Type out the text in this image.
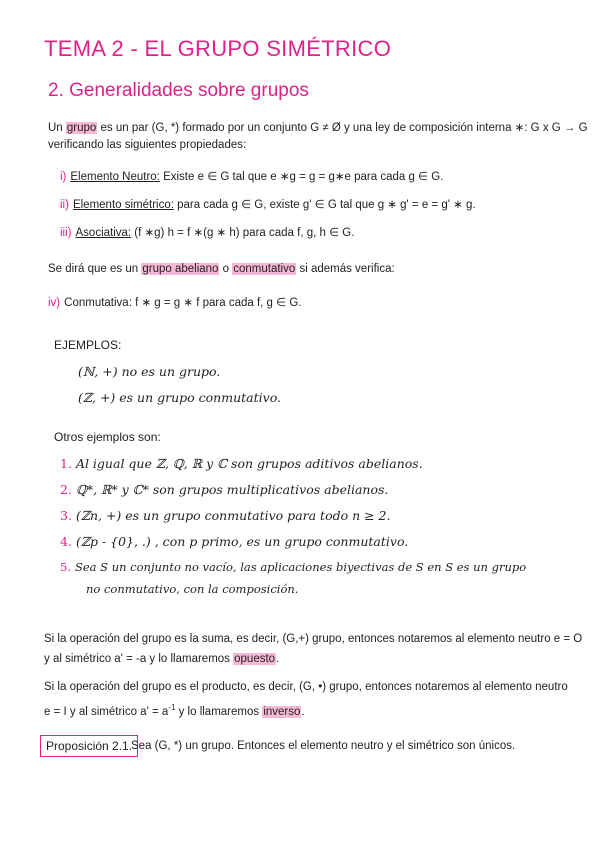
TEMA 2 - EL GRUPO SIMÉTRICO
2. Generalidades sobre grupos
Un grupo es un par (G, *) formado por un conjunto G ≠ Ø y una ley de composición interna ∗: G x G → G
verificando las siguientes propiedades:
i) Elemento Neutro: Existe e ∈ G tal que e ∗g = g = g∗e para cada g ∈ G.
ii) Elemento simétrico: para cada g ∈ G, existe g' ∈ G tal que g ∗ g' = e = g' ∗ g.
iii) Asociativa: (f ∗g) h = f ∗(g ∗ h) para cada f, g, h ∈ G.
Se dirá que es un grupo abeliano o conmutativo si además verifica:
iv) Conmutativa: f ∗ g = g ∗ f para cada f, g ∈ G.
EJEMPLOS:
(ℕ, +) no es un grupo.
(ℤ, +) es un grupo conmutativo.
Otros ejemplos son:
1. Al igual que ℤ, ℚ, ℝ y ℂ son grupos aditivos abelianos.
2. ℚ*, ℝ* y ℂ* son grupos multiplicativos abelianos.
3. (ℤn, +) es un grupo conmutativo para todo n ≥ 2.
4. (ℤp - {0}, .) , con p primo, es un grupo conmutativo.
5. Sea S un conjunto no vacío, las aplicaciones biyectivas de S en S es un grupo
no conmutativo, con la composición.
Si la operación del grupo es la suma, es decir, (G,+) grupo, entonces notaremos al elemento neutro e = O
y al simétrico a' = -a y lo llamaremos opuesto.
Si la operación del grupo es el producto, es decir, (G, •) grupo, entonces notaremos al elemento neutro
e = I y al simétrico $a' = a^{-1}$ y lo llamaremos inverso.
Proposición 2.1.
Sea (G, *) un grupo. Entonces el elemento neutro y el simétrico son únicos.
